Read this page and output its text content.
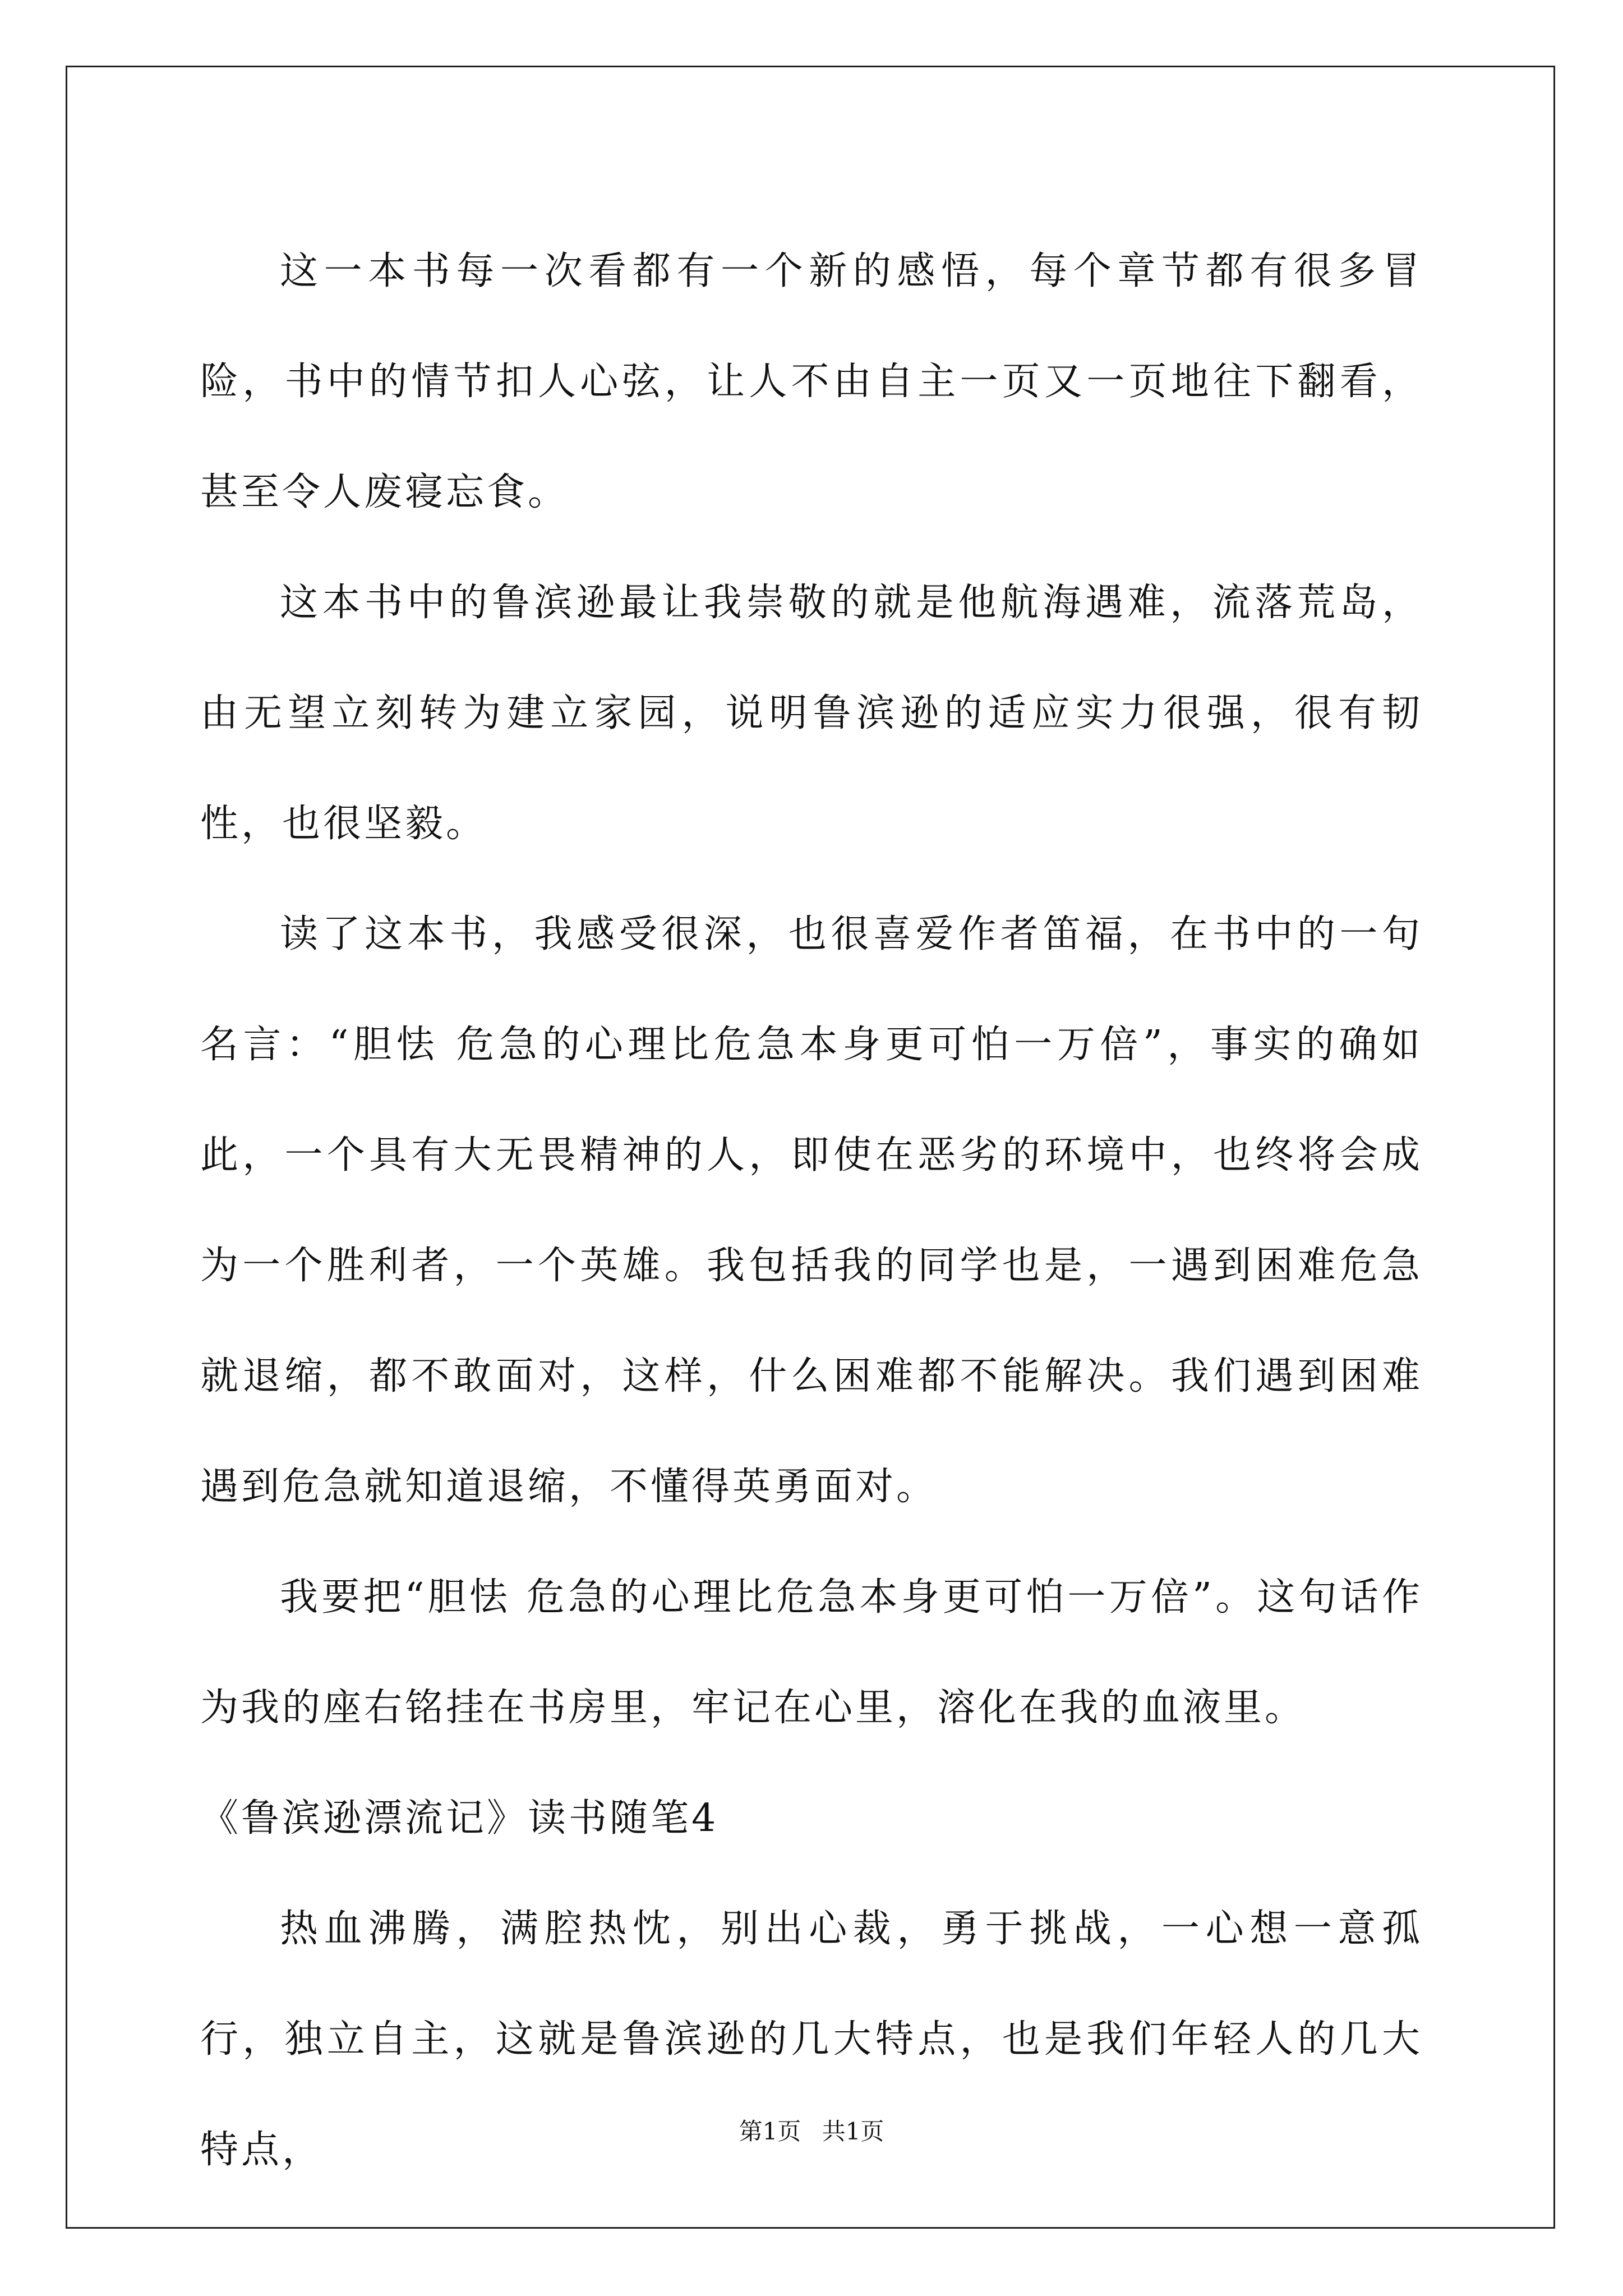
这一本书每一次看都有一个新的感悟，每个章节都有很多冒险，书中的情节扣人心弦，让人不由自主一页又一页地往下翻看，甚至令人废寝忘食。

这本书中的鲁滨逊最让我崇敬的就是他航海遇难，流落荒岛，由无望立刻转为建立家园，说明鲁滨逊的适应实力很强，很有韧性，也很坚毅。

读了这本书，我感受很深，也很喜爱作者笛福，在书中的一句名言：“胆怯 危急的心理比危急本身更可怕一万倍”，事实的确如此，一个具有大无畏精神的人，即使在恶劣的环境中，也终将会成为一个胜利者，一个英雄。我包括我的同学也是，一遇到困难危急就退缩，都不敢面对，这样，什么困难都不能解决。我们遇到困难遇到危急就知道退缩，不懂得英勇面对。

我要把“胆怯 危急的心理比危急本身更可怕一万倍”。这句话作为我的座右铭挂在书房里，牢记在心里，溶化在我的血液里。

《鲁滨逊漂流记》读书随笔4

热血沸腾，满腔热忱，别出心裁，勇于挑战，一心想一意孤行，独立自主，这就是鲁滨逊的几大特点，也是我们年轻人的几大特点，	第1页 共1页
